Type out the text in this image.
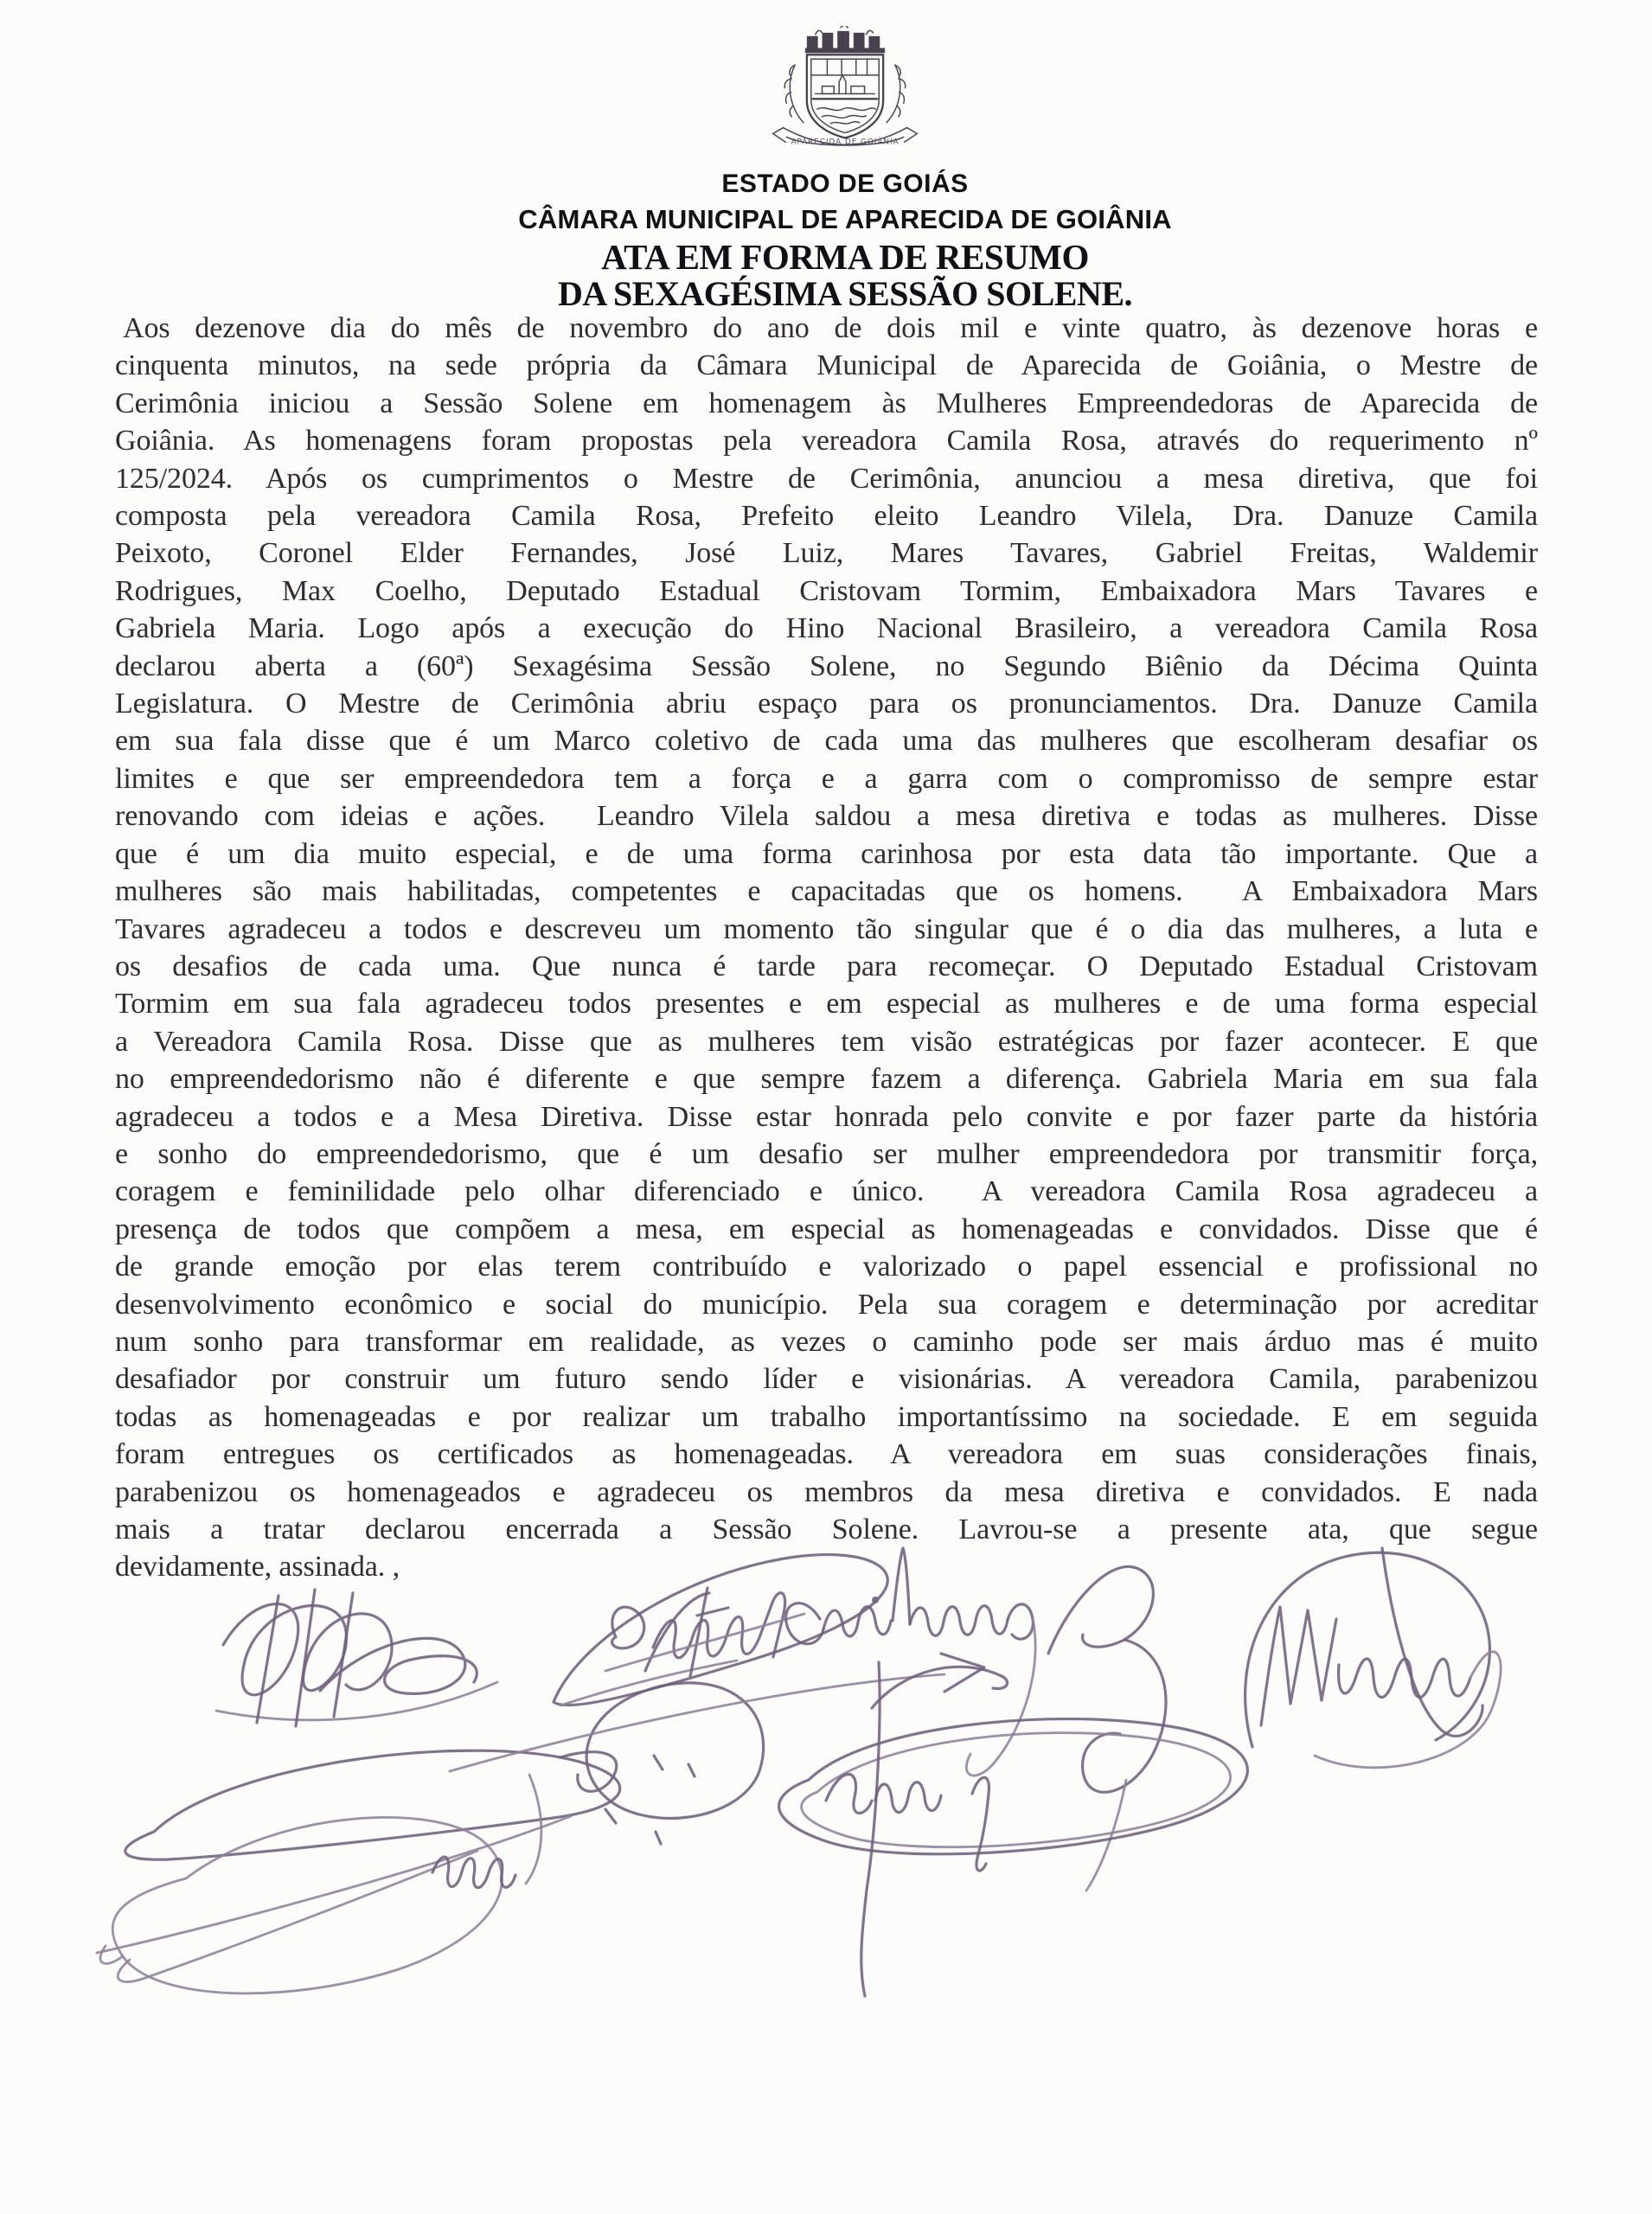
APARECIDA DE GOIÂNIA
ESTADO DE GOIÁS
CÂMARA MUNICIPAL DE APARECIDA DE GOIÂNIA
ATA EM FORMA DE RESUMO
DA SEXAGÉSIMA SESSÃO SOLENE.

Aos dezenove dia do mês de novembro do ano de dois mil e vinte quatro, às dezenove horas e

cinquenta minutos, na sede própria da Câmara Municipal de Aparecida de Goiânia, o Mestre de

Cerimônia iniciou a Sessão Solene em homenagem às Mulheres Empreendedoras de Aparecida de

Goiânia. As homenagens foram propostas pela vereadora Camila Rosa, através do requerimento nº

125/2024. Após os cumprimentos o Mestre de Cerimônia, anunciou a mesa diretiva, que foi

composta pela vereadora Camila Rosa, Prefeito eleito Leandro Vilela, Dra. Danuze Camila

Peixoto, Coronel Elder Fernandes, José Luiz, Mares Tavares, Gabriel Freitas, Waldemir

Rodrigues, Max Coelho, Deputado Estadual Cristovam Tormim, Embaixadora Mars Tavares e

Gabriela Maria. Logo após a execução do Hino Nacional Brasileiro, a vereadora Camila Rosa

declarou aberta a (60ª) Sexagésima Sessão Solene, no Segundo Biênio da Décima Quinta

Legislatura. O Mestre de Cerimônia abriu espaço para os pronunciamentos. Dra. Danuze Camila

em sua fala disse que é um Marco coletivo de cada uma das mulheres que escolheram desafiar os

limites e que ser empreendedora tem a força e a garra com o compromisso de sempre estar

renovando com ideias e ações.  Leandro Vilela saldou a mesa diretiva e todas as mulheres. Disse

que é um dia muito especial, e de uma forma carinhosa por esta data tão importante. Que a

mulheres são mais habilitadas, competentes e capacitadas que os homens.  A Embaixadora Mars

Tavares agradeceu a todos e descreveu um momento tão singular que é o dia das mulheres, a luta e

os desafios de cada uma. Que nunca é tarde para recomeçar. O Deputado Estadual Cristovam

Tormim em sua fala agradeceu todos presentes e em especial as mulheres e de uma forma especial

a Vereadora Camila Rosa. Disse que as mulheres tem visão estratégicas por fazer acontecer. E que

no empreendedorismo não é diferente e que sempre fazem a diferença. Gabriela Maria em sua fala

agradeceu a todos e a Mesa Diretiva. Disse estar honrada pelo convite e por fazer parte da história

e sonho do empreendedorismo, que é um desafio ser mulher empreendedora por transmitir força,

coragem e feminilidade pelo olhar diferenciado e único.  A vereadora Camila Rosa agradeceu a

presença de todos que compõem a mesa, em especial as homenageadas e convidados. Disse que é

de grande emoção por elas terem contribuído e valorizado o papel essencial e profissional no

desenvolvimento econômico e social do município. Pela sua coragem e determinação por acreditar

num sonho para transformar em realidade, as vezes o caminho pode ser mais árduo mas é muito

desafiador por construir um futuro sendo líder e visionárias. A vereadora Camila, parabenizou

todas as homenageadas e por realizar um trabalho importantíssimo na sociedade. E em seguida

foram entregues os certificados as homenageadas. A vereadora em suas considerações finais,

parabenizou os homenageados e agradeceu os membros da mesa diretiva e convidados. E nada

mais a tratar declarou encerrada a Sessão Solene. Lavrou-se a presente ata, que segue

devidamente, assinada. ,
